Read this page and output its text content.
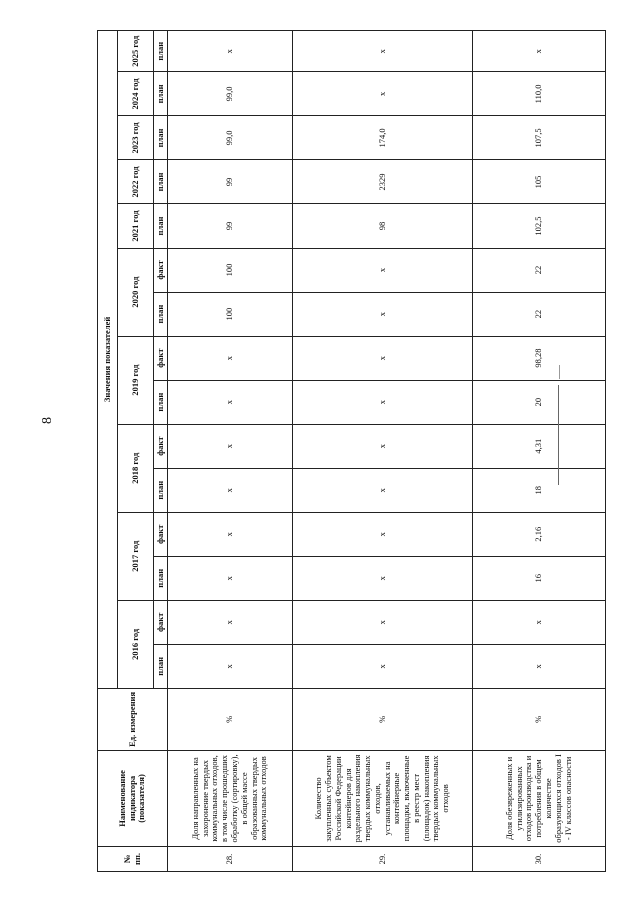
8
№ пп.	Наименование индикатора (показателя)	Ед. измерения	Значения показателей														
			2016 год		2017 год		2018 год		2019 год		2020 год		2021 год	2022 год	2023 год	2024 год	2025 год
			план	факт	план	факт	план	факт	план	факт	план	факт	план	план	план	план	план
28.	Доля направленных на захоронение твердых коммунальных отходов, в том числе прошедших обработку (сортировку), в общей массе образованных твердых коммунальных отходов	%	x	x	x	x	x	x	x	x	100	100	99	99	99,0	99,0	x
29.	Количество закупленных субъектом Российской Федерации контейнеров для раздельного накопления твердых коммунальных отходов, устанавливаемых на контейнерные площадки, включенные в реестр мест (площадок) накопления твердых коммунальных отходов	%	x	x	x	x	x	x	x	x	x	x	98	2329	174,0	x	x
30.	Доля обезвреженных и утилизированных отходов производства и потребления в общем количестве образующихся отходов I - IV классов опасности	%	x	x	16	2,16	18	4,31	20	98,28	22	22	102,5	105	107,5	110,0	x
